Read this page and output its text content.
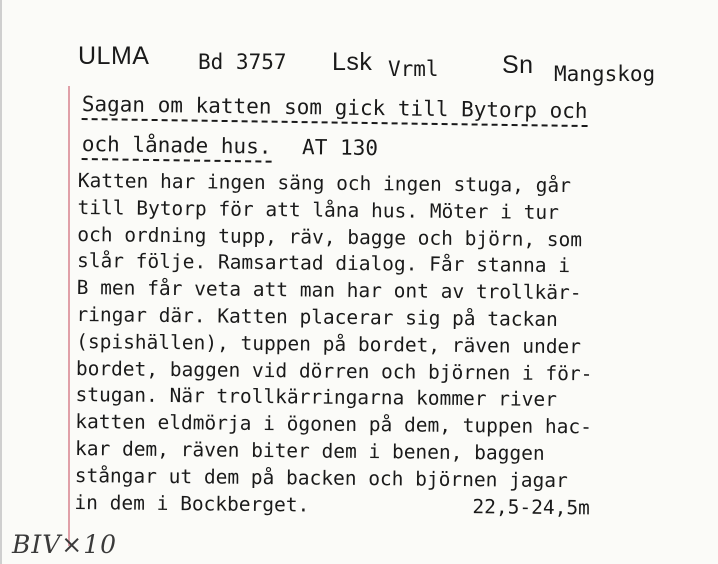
ULMA Bd 3757 Lsk Vrml	Sn Mangskog
Sagan om katten som gick till Bytorp och
och lånade hus. AT 130
Katten har ingen säng och ingen stuga, går
till Bytorp för att låna hus. Möter i tur
och ordning tupp, räv, bagge och björn, som
slår följe. Ramsartad dialog. Får stanna i
B men får veta att man har ont av trollkär-
ringar där. Katten placerar sig på tackan
(spishällen), tuppen på bordet, räven under
bordet, baggen vid dörren och björnen i för-
stugan. När trollkärringarna kommer river
katten eldmörja i ögonen på dem, tuppen hac-
kar dem, räven biter dem i benen, baggen
stångar ut dem på backen och björnen jagar
in dem i Bockberget.	22,5-24,5m
BIV×10
